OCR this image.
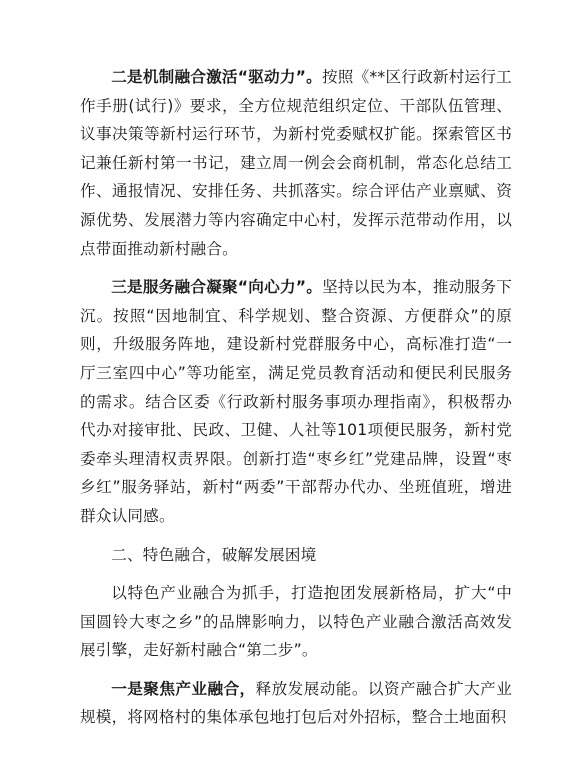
二是机制融合激活“驱动力”。按照《**区行政新村运行工作手册(试行)》要求，全方位规范组织定位、干部队伍管理、议事决策等新村运行环节，为新村党委赋权扩能。探索管区书记兼任新村第一书记，建立周一例会会商机制，常态化总结工作、通报情况、安排任务、共抓落实。综合评估产业禀赋、资源优势、发展潜力等内容确定中心村，发挥示范带动作用，以点带面推动新村融合。

三是服务融合凝聚“向心力”。坚持以民为本，推动服务下沉。按照“因地制宜、科学规划、整合资源、方便群众”的原则，升级服务阵地，建设新村党群服务中心，高标准打造“一厅三室四中心”等功能室，满足党员教育活动和便民利民服务的需求。结合区委《行政新村服务事项办理指南》，积极帮办代办对接审批、民政、卫健、人社等101项便民服务，新村党委牵头理清权责界限。创新打造“枣乡红”党建品牌，设置“枣乡红”服务驿站，新村“两委”干部帮办代办、坐班值班，增进群众认同感。

二、特色融合，破解发展困境

以特色产业融合为抓手，打造抱团发展新格局，扩大“中国圆铃大枣之乡”的品牌影响力，以特色产业融合激活高效发展引擎，走好新村融合“第二步”。

一是聚焦产业融合，释放发展动能。以资产融合扩大产业规模，将网格村的集体承包地打包后对外招标，整合土地面积
